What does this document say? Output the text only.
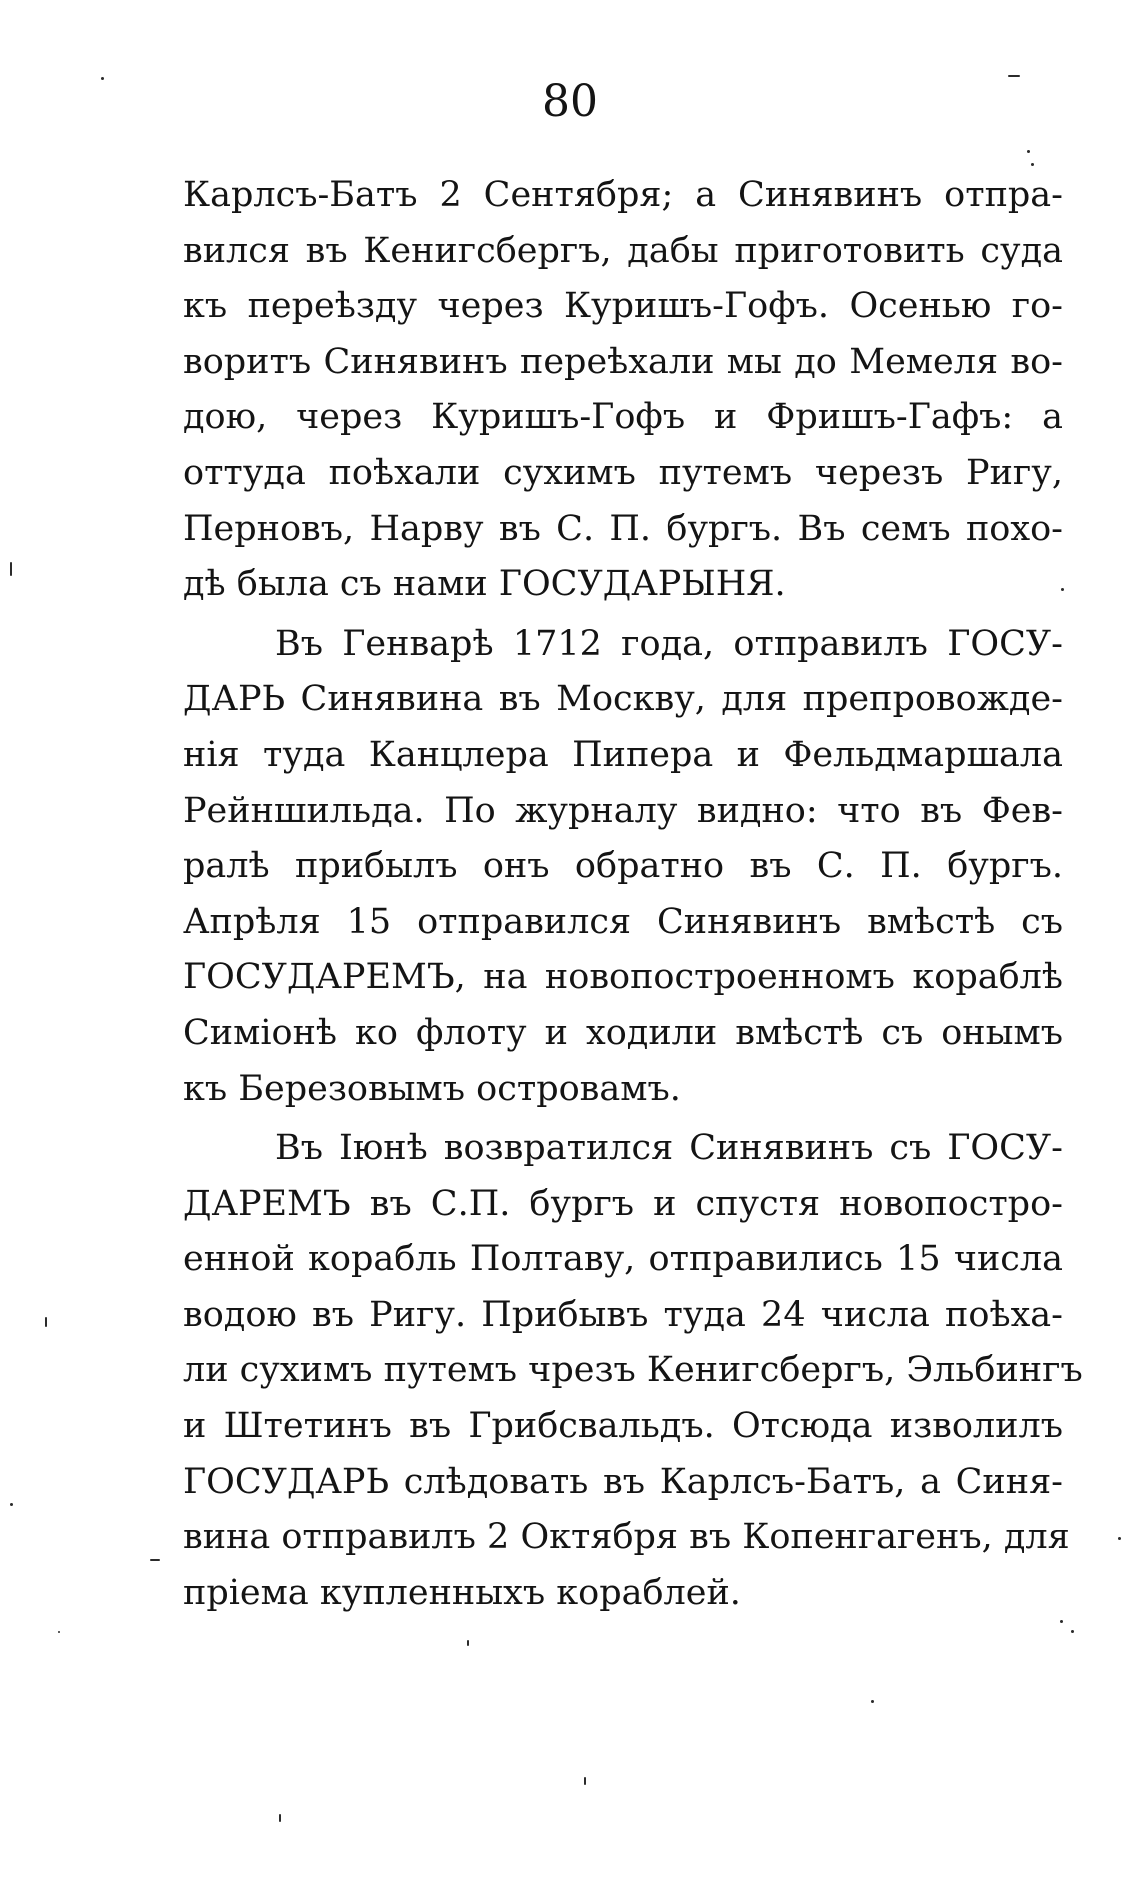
80
Карлсъ-Батъ 2 Сентября; а Синявинъ отпра-
вился въ Кенигсбергъ, дабы приготовить суда
къ переѣзду через Куришъ-Гофъ. Осенью го-
воритъ Синявинъ переѣхали мы до Мемеля во-
дою, через Куришъ-Гофъ и Фришъ-Гафъ: а
оттуда поѣхали сухимъ путемъ черезъ Ригу,
Перновъ, Нарву въ С. П. бургъ. Въ семъ похо-
дѣ была съ нами ГОСУДАРЫНЯ.
Въ Генварѣ 1712 года, отправилъ ГОСУ-
ДАРЬ Синявина въ Москву, для препровожде-
нія туда Канцлера Пипера и Фельдмаршала
Рейншильда. По журналу видно: что въ Фев-
ралѣ прибылъ онъ обратно въ С. П. бургъ.
Апрѣля 15 отправился Синявинъ вмѣстѣ съ
ГОСУДАРЕМЪ, на новопостроенномъ кораблѣ
Симіонѣ ко флоту и ходили вмѣстѣ съ онымъ
къ Березовымъ островамъ.
Въ Іюнѣ возвратился Синявинъ съ ГОСУ-
ДАРЕМЪ въ С.П. бургъ и спустя новопостро-
енной корабль Полтаву, отправились 15 числа
водою въ Ригу. Прибывъ туда 24 числа поѣха-
ли сухимъ путемъ чрезъ Кенигсбергъ, Эльбингъ
и Штетинъ въ Грибсвальдъ. Отсюда изволилъ
ГОСУДАРЬ слѣдовать въ Карлсъ-Батъ, а Синя-
вина отправилъ 2 Октября въ Копенгагенъ, для
пріема купленныхъ кораблей.
